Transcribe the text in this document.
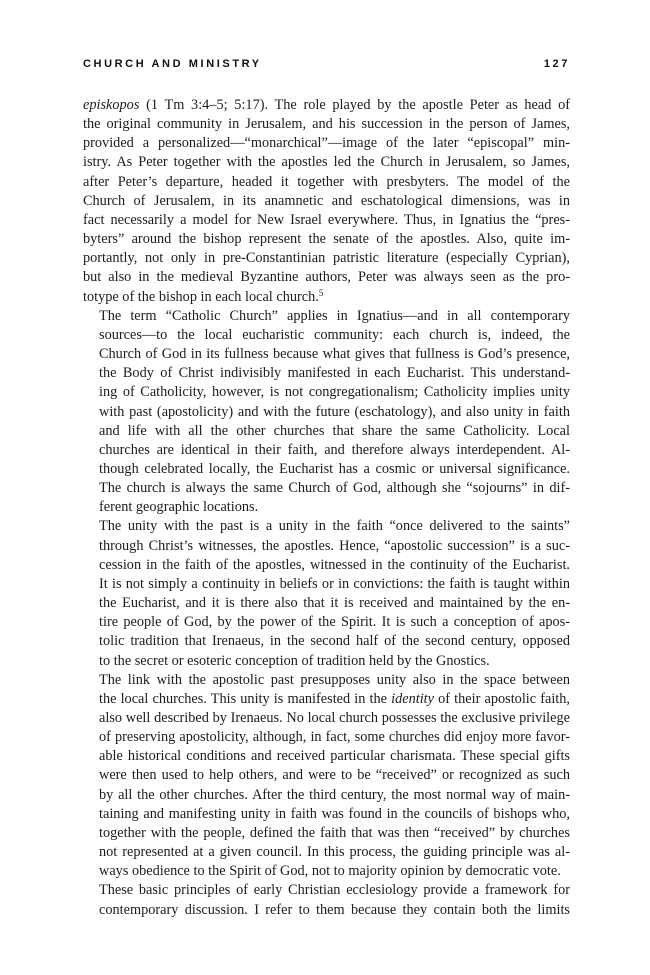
CHURCH AND MINISTRY	127

episkopos (1 Tm 3:4–5; 5:17). The role played by the apostle Peter as head of
the original community in Jerusalem, and his succession in the person of James,
provided a personalized—“monarchical”—image of the later “episcopal” min-
istry. As Peter together with the apostles led the Church in Jerusalem, so James,
after Peter’s departure, headed it together with presbyters. The model of the
Church of Jerusalem, in its anamnetic and eschatological dimensions, was in
fact necessarily a model for New Israel everywhere. Thus, in Ignatius the “pres-
byters” around the bishop represent the senate of the apostles. Also, quite im-
portantly, not only in pre-Constantinian patristic literature (especially Cyprian),
but also in the medieval Byzantine authors, Peter was always seen as the pro-
totype of the bishop in each local church.$^5$

The term “Catholic Church” applies in Ignatius—and in all contemporary
sources—to the local eucharistic community: each church is, indeed, the
Church of God in its fullness because what gives that fullness is God’s presence,
the Body of Christ indivisibly manifested in each Eucharist. This understand-
ing of Catholicity, however, is not congregationalism; Catholicity implies unity
with past (apostolicity) and with the future (eschatology), and also unity in faith
and life with all the other churches that share the same Catholicity. Local
churches are identical in their faith, and therefore always interdependent. Al-
though celebrated locally, the Eucharist has a cosmic or universal significance.
The church is always the same Church of God, although she “sojourns” in dif-
ferent geographic locations.

The unity with the past is a unity in the faith “once delivered to the saints”
through Christ’s witnesses, the apostles. Hence, “apostolic succession” is a suc-
cession in the faith of the apostles, witnessed in the continuity of the Eucharist.
It is not simply a continuity in beliefs or in convictions: the faith is taught within
the Eucharist, and it is there also that it is received and maintained by the en-
tire people of God, by the power of the Spirit. It is such a conception of apos-
tolic tradition that Irenaeus, in the second half of the second century, opposed
to the secret or esoteric conception of tradition held by the Gnostics.

The link with the apostolic past presupposes unity also in the space between
the local churches. This unity is manifested in the identity of their apostolic faith,
also well described by Irenaeus. No local church possesses the exclusive privilege
of preserving apostolicity, although, in fact, some churches did enjoy more favor-
able historical conditions and received particular charismata. These special gifts
were then used to help others, and were to be “received” or recognized as such
by all the other churches. After the third century, the most normal way of main-
taining and manifesting unity in faith was found in the councils of bishops who,
together with the people, defined the faith that was then “received” by churches
not represented at a given council. In this process, the guiding principle was al-
ways obedience to the Spirit of God, not to majority opinion by democratic vote.

These basic principles of early Christian ecclesiology provide a framework for
contemporary discussion. I refer to them because they contain both the limits
